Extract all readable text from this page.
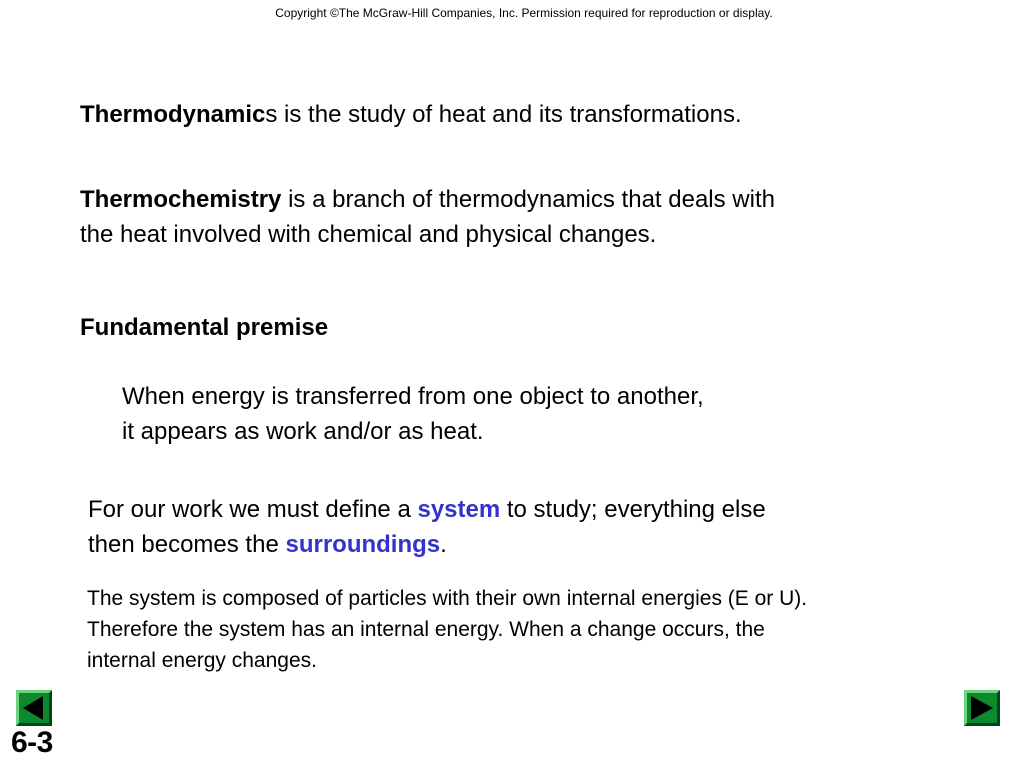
Copyright ©The McGraw-Hill Companies, Inc. Permission required for reproduction or display.

Thermodynamics is the study of heat and its transformations.

Thermochemistry is a branch of thermodynamics that deals with
the heat involved with chemical and physical changes.
Fundamental premise
When energy is transferred from one object to another,
it appears as work and/or as heat.
For our work we must define a system to study; everything else
then becomes the surroundings.
The system is composed of particles with their own internal energies (E or U).
Therefore the system has an internal energy. When a change occurs, the
internal energy changes.
6-3
